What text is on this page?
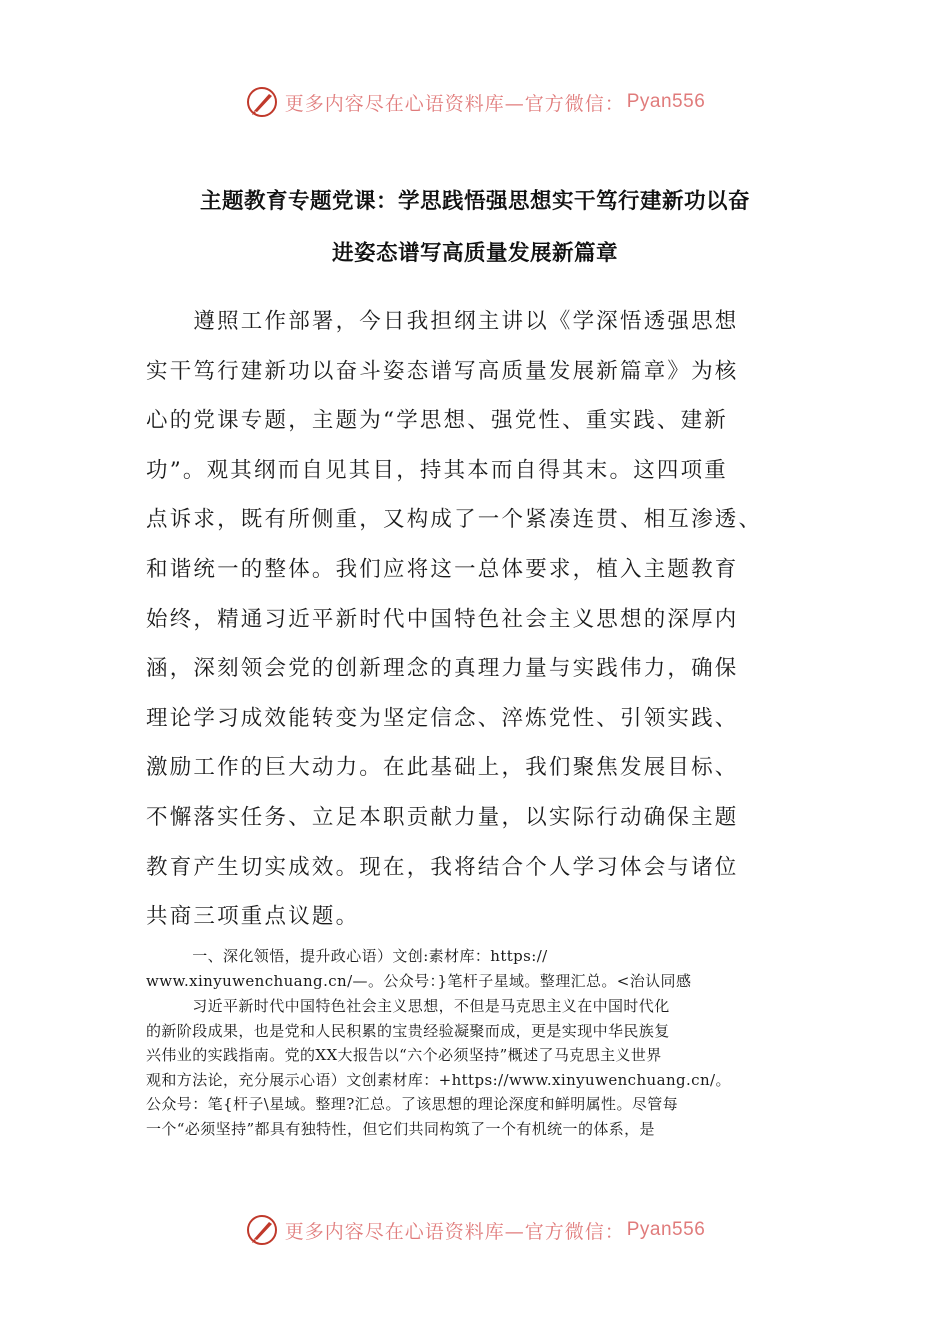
更多内容尽在心语资料库—官方微信： Pyan556
主题教育专题党课：学思践悟强思想实干笃行建新功以奋
进姿态谱写高质量发展新篇章
　　遵照工作部署，今日我担纲主讲以《学深悟透强思想
实干笃行建新功以奋斗姿态谱写高质量发展新篇章》为核
心的党课专题，主题为“学思想、强党性、重实践、建新
功”。观其纲而自见其目，持其本而自得其末。这四项重
点诉求，既有所侧重，又构成了一个紧凑连贯、相互渗透、
和谐统一的整体。我们应将这一总体要求，植入主题教育
始终，精通习近平新时代中国特色社会主义思想的深厚内
涵，深刻领会党的创新理念的真理力量与实践伟力，确保
理论学习成效能转变为坚定信念、淬炼党性、引领实践、
激励工作的巨大动力。在此基础上，我们聚焦发展目标、
不懈落实任务、立足本职贡献力量，以实际行动确保主题
教育产生切实成效。现在，我将结合个人学习体会与诸位
共商三项重点议题。
　　　一、深化领悟，提升政心语）文创:素材库：https://
www.xinyuwenchuang.cn/—。公众号：}笔杆子星域。整理汇总。<治认同感
　　　习近平新时代中国特色社会主义思想，不但是马克思主义在中国时代化
的新阶段成果，也是党和人民积累的宝贵经验凝聚而成，更是实现中华民族复
兴伟业的实践指南。党的XX大报告以“六个必须坚持”概述了马克思主义世界
观和方法论，充分展示心语）文创素材库：+https://www.xinyuwenchuang.cn/。
公众号：笔{杆子\星域。整理?汇总。了该思想的理论深度和鲜明属性。尽管每
一个“必须坚持”都具有独特性，但它们共同构筑了一个有机统一的体系，是
更多内容尽在心语资料库—官方微信： Pyan556
